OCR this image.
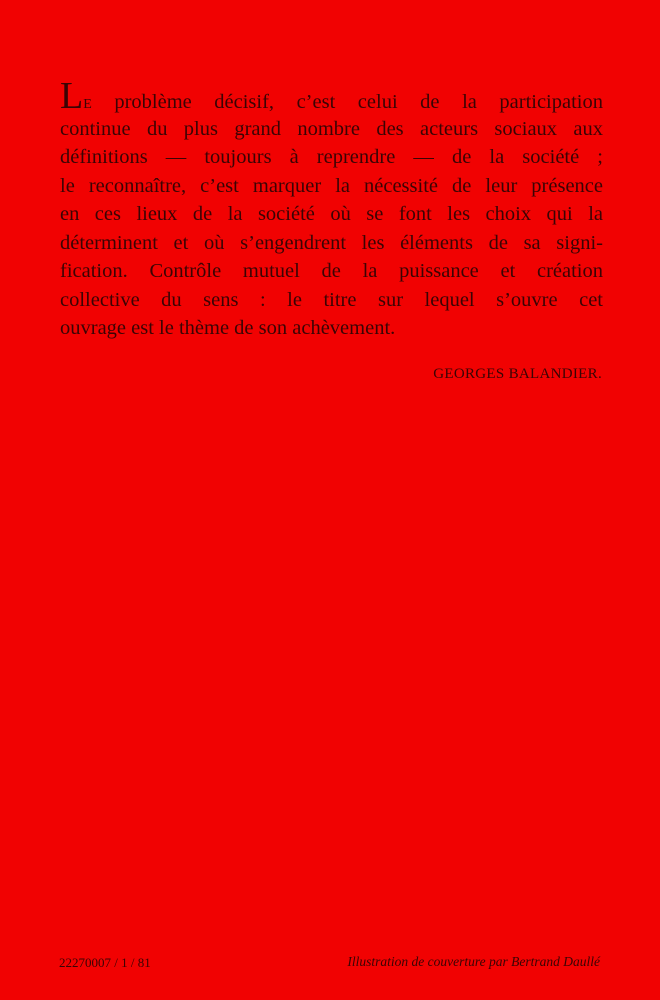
LE problème décisif, c’est celui de la participation
continue du plus grand nombre des acteurs sociaux aux
définitions — toujours à reprendre — de la société ;
le reconnaître, c’est marquer la nécessité de leur présence
en ces lieux de la société où se font les choix qui la
déterminent et où s’engendrent les éléments de sa signi-
fication. Contrôle mutuel de la puissance et création
collective du sens : le titre sur lequel s’ouvre cet
ouvrage est le thème de son achèvement.
GEORGES BALANDIER.
22270007 / 1 / 81	Illustration de couverture par Bertrand Daullé
